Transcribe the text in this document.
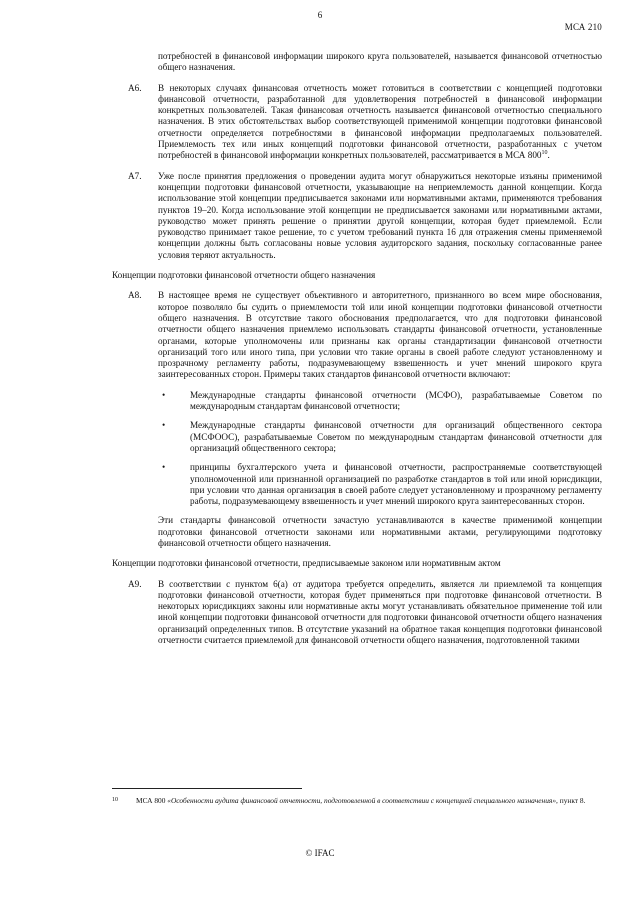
6
МСА 210
потребностей в финансовой информации широкого круга пользователей, называется финансовой отчетностью общего назначения.
А6. В некоторых случаях финансовая отчетность может готовиться в соответствии с концепцией подготовки финансовой отчетности, разработанной для удовлетворения потребностей в финансовой информации конкретных пользователей. Такая финансовая отчетность называется финансовой отчетностью специального назначения. В этих обстоятельствах выбор соответствующей применимой концепции подготовки финансовой отчетности определяется потребностями в финансовой информации предполагаемых пользователей. Приемлемость тех или иных концепций подготовки финансовой отчетности, разработанных с учетом потребностей в финансовой информации конкретных пользователей, рассматривается в МСА $800^{10}$.
А7. Уже после принятия предложения о проведении аудита могут обнаружиться некоторые изъяны применимой концепции подготовки финансовой отчетности, указывающие на неприемлемость данной концепции. Когда использование этой концепции предписывается законами или нормативными актами, применяются требования пунктов 19–20. Когда использование этой концепции не предписывается законами или нормативными актами, руководство может принять решение о принятии другой концепции, которая будет приемлемой. Если руководство принимает такое решение, то с учетом требований пункта 16 для отражения смены применяемой концепции должны быть согласованы новые условия аудиторского задания, поскольку согласованные ранее условия теряют актуальность.
Концепции подготовки финансовой отчетности общего назначения
А8. В настоящее время не существует объективного и авторитетного, признанного во всем мире обоснования, которое позволяло бы судить о приемлемости той или иной концепции подготовки финансовой отчетности общего назначения. В отсутствие такого обоснования предполагается, что для подготовки финансовой отчетности общего назначения приемлемо использовать стандарты финансовой отчетности, установленные органами, которые уполномочены или признаны как органы стандартизации финансовой отчетности организаций того или иного типа, при условии что такие органы в своей работе следуют установленному и прозрачному регламенту работы, подразумевающему взвешенность и учет мнений широкого круга заинтересованных сторон. Примеры таких стандартов финансовой отчетности включают:
•	Международные стандарты финансовой отчетности (МСФО), разрабатываемые Советом по международным стандартам финансовой отчетности;
•	Международные стандарты финансовой отчетности для организаций общественного сектора (МСФООС), разрабатываемые Советом по международным стандартам финансовой отчетности для организаций общественного сектора;
•	принципы бухгалтерского учета и финансовой отчетности, распространяемые соответствующей уполномоченной или признанной организацией по разработке стандартов в той или иной юрисдикции, при условии что данная организация в своей работе следует установленному и прозрачному регламенту работы, подразумевающему взвешенность и учет мнений широкого круга заинтересованных сторон.
Эти стандарты финансовой отчетности зачастую устанавливаются в качестве применимой концепции подготовки финансовой отчетности законами или нормативными актами, регулирующими подготовку финансовой отчетности общего назначения.
Концепции подготовки финансовой отчетности, предписываемые законом или нормативным актом
А9. В соответствии с пунктом 6(а) от аудитора требуется определить, является ли приемлемой та концепция подготовки финансовой отчетности, которая будет применяться при подготовке финансовой отчетности. В некоторых юрисдикциях законы или нормативные акты могут устанавливать обязательное применение той или иной концепции подготовки финансовой отчетности для подготовки финансовой отчетности общего назначения организаций определенных типов. В отсутствие указаний на обратное такая концепция подготовки финансовой отчетности считается приемлемой для финансовой отчетности общего назначения, подготовленной такими
10	МСА 800 «Особенности аудита финансовой отчетности, подготовленной в соответствии с концепцией специального назначения», пункт 8.
© IFAC
